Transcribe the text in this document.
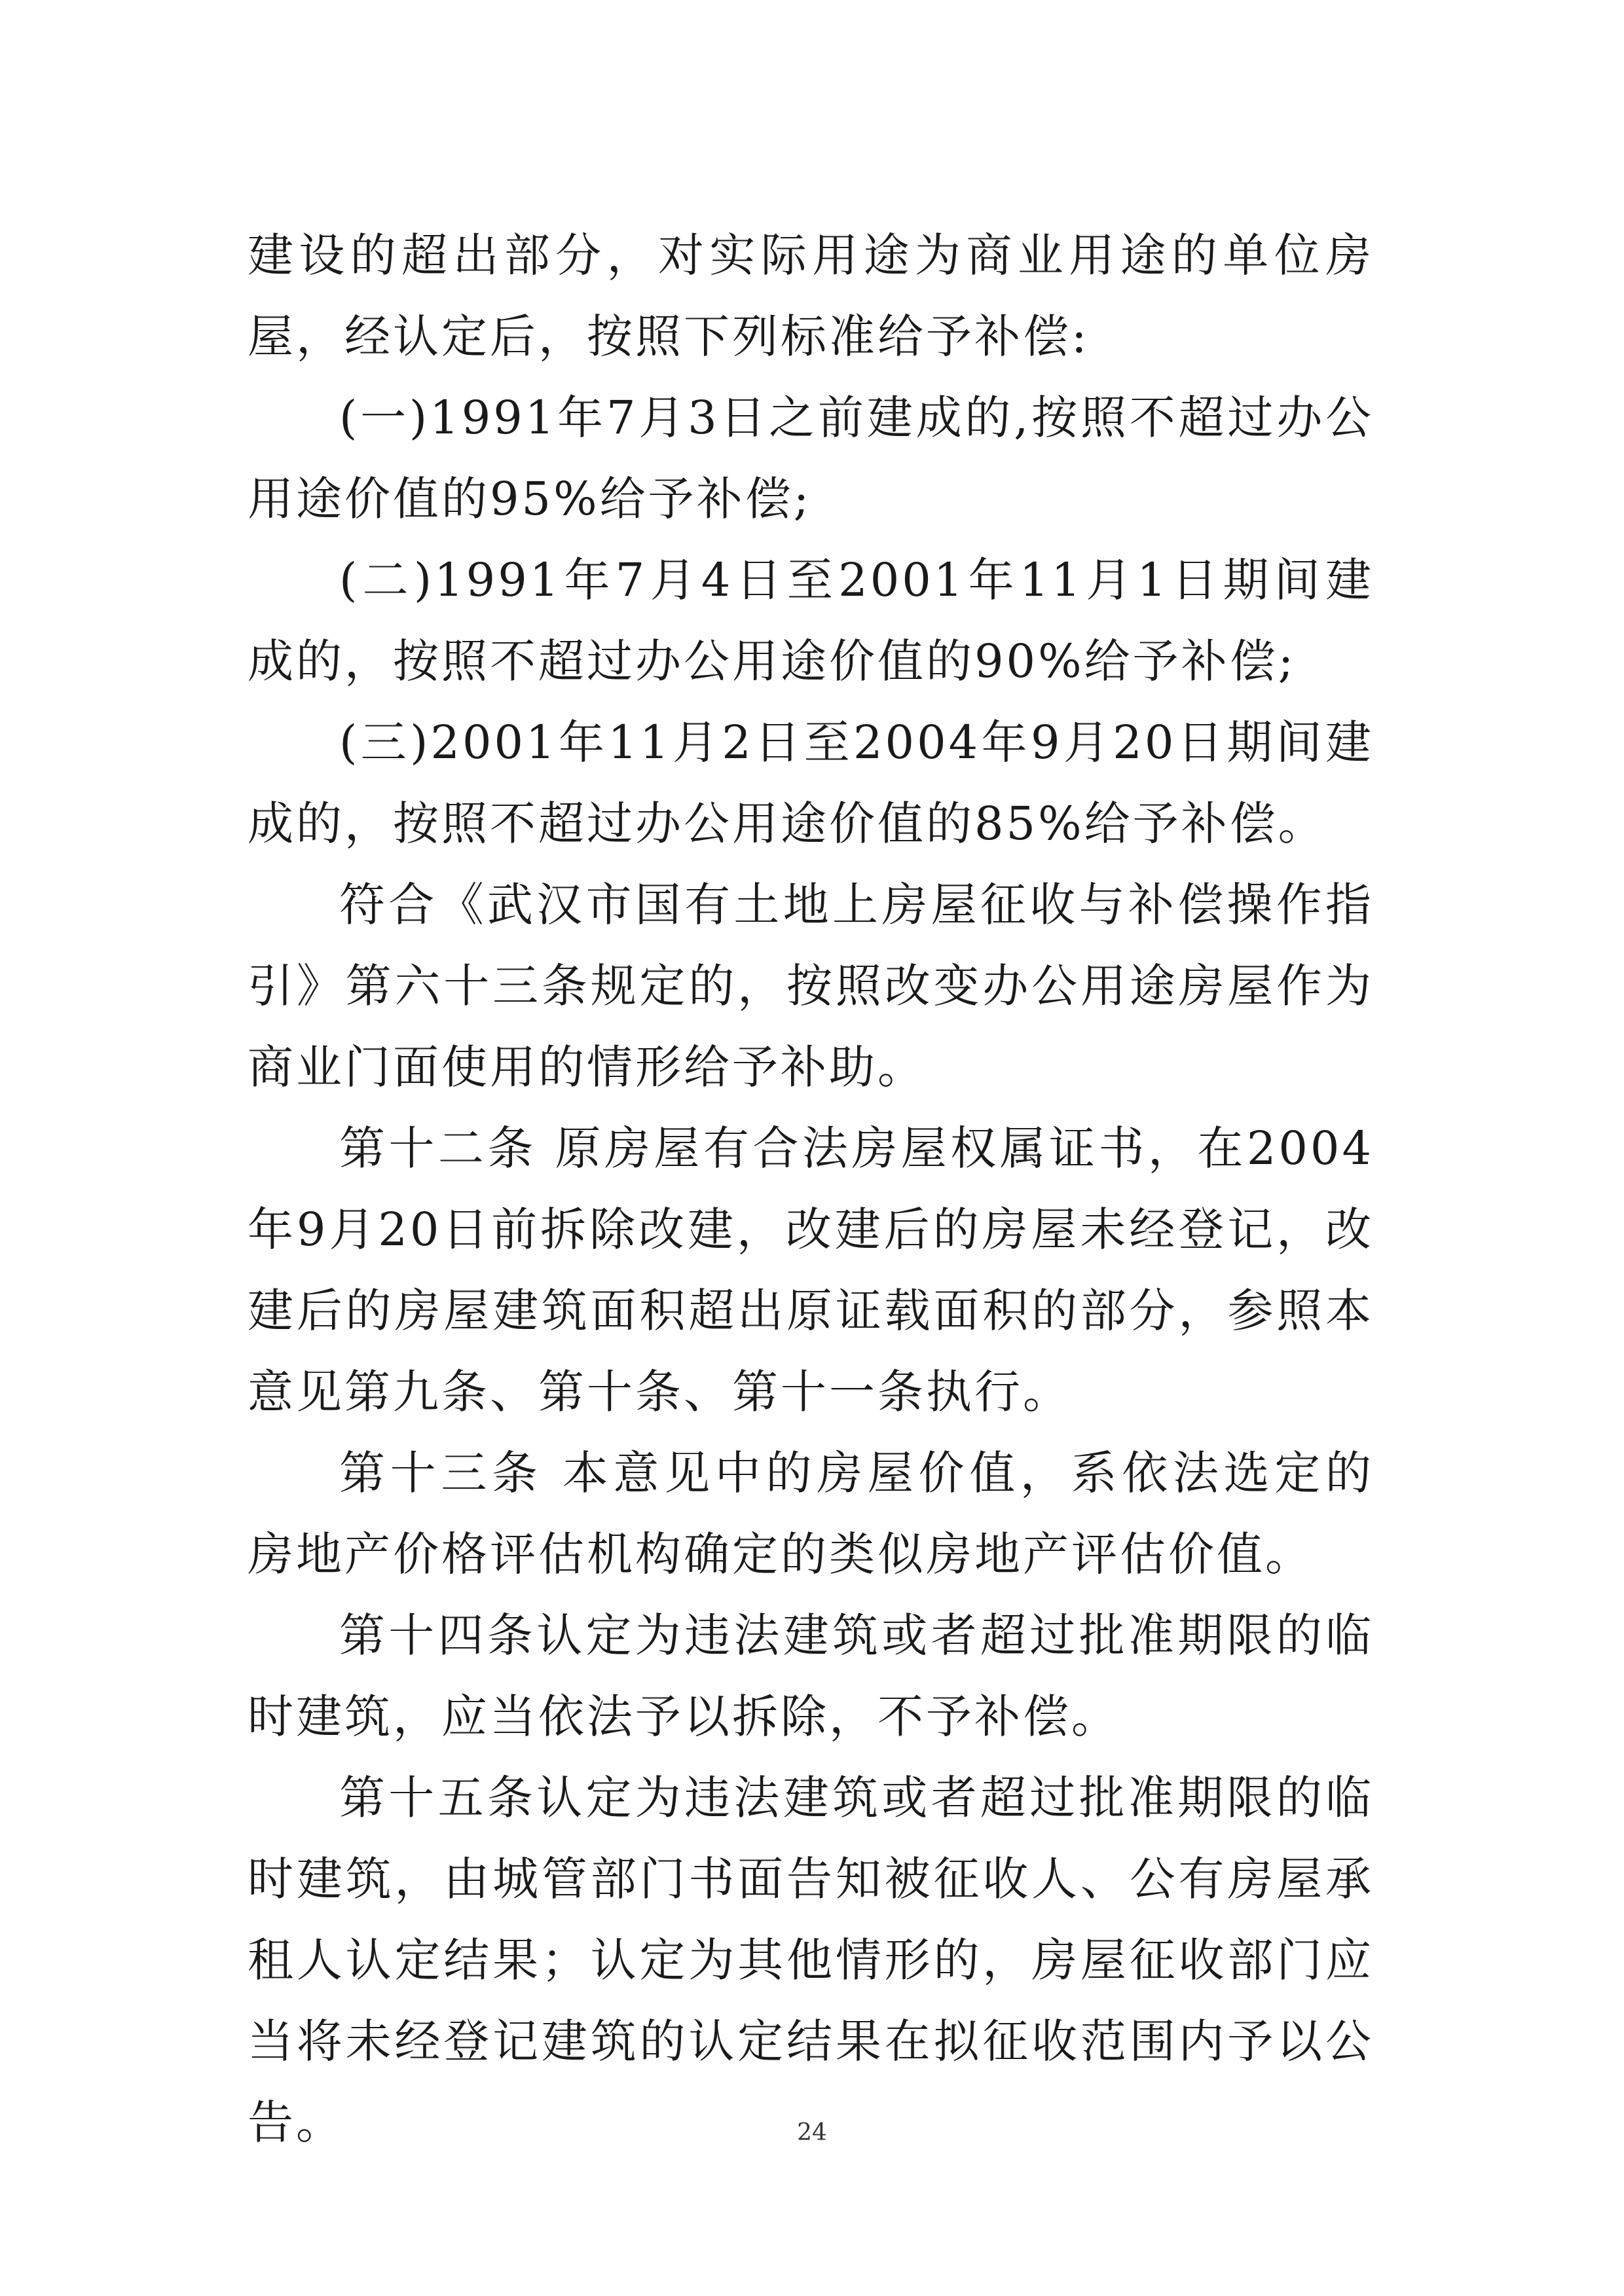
建设的超出部分，对实际用途为商业用途的单位房屋，经认定后，按照下列标准给予补偿:

(一)1991年7月3日之前建成的,按照不超过办公用途价值的95%给予补偿;

(二)1991年7月4日至2001年11月1日期间建成的，按照不超过办公用途价值的90%给予补偿;

(三)2001年11月2日至2004年9月20日期间建成的，按照不超过办公用途价值的85%给予补偿。

符合《武汉市国有土地上房屋征收与补偿操作指引》第六十三条规定的，按照改变办公用途房屋作为商业门面使用的情形给予补助。

第十二条 原房屋有合法房屋权属证书，在2004年9月20日前拆除改建，改建后的房屋未经登记，改建后的房屋建筑面积超出原证载面积的部分，参照本意见第九条、第十条、第十一条执行。

第十三条 本意见中的房屋价值，系依法选定的房地产价格评估机构确定的类似房地产评估价值。

第十四条认定为违法建筑或者超过批准期限的临时建筑，应当依法予以拆除，不予补偿。

第十五条认定为违法建筑或者超过批准期限的临时建筑，由城管部门书面告知被征收人、公有房屋承租人认定结果；认定为其他情形的，房屋征收部门应当将未经登记建筑的认定结果在拟征收范围内予以公告。	24
